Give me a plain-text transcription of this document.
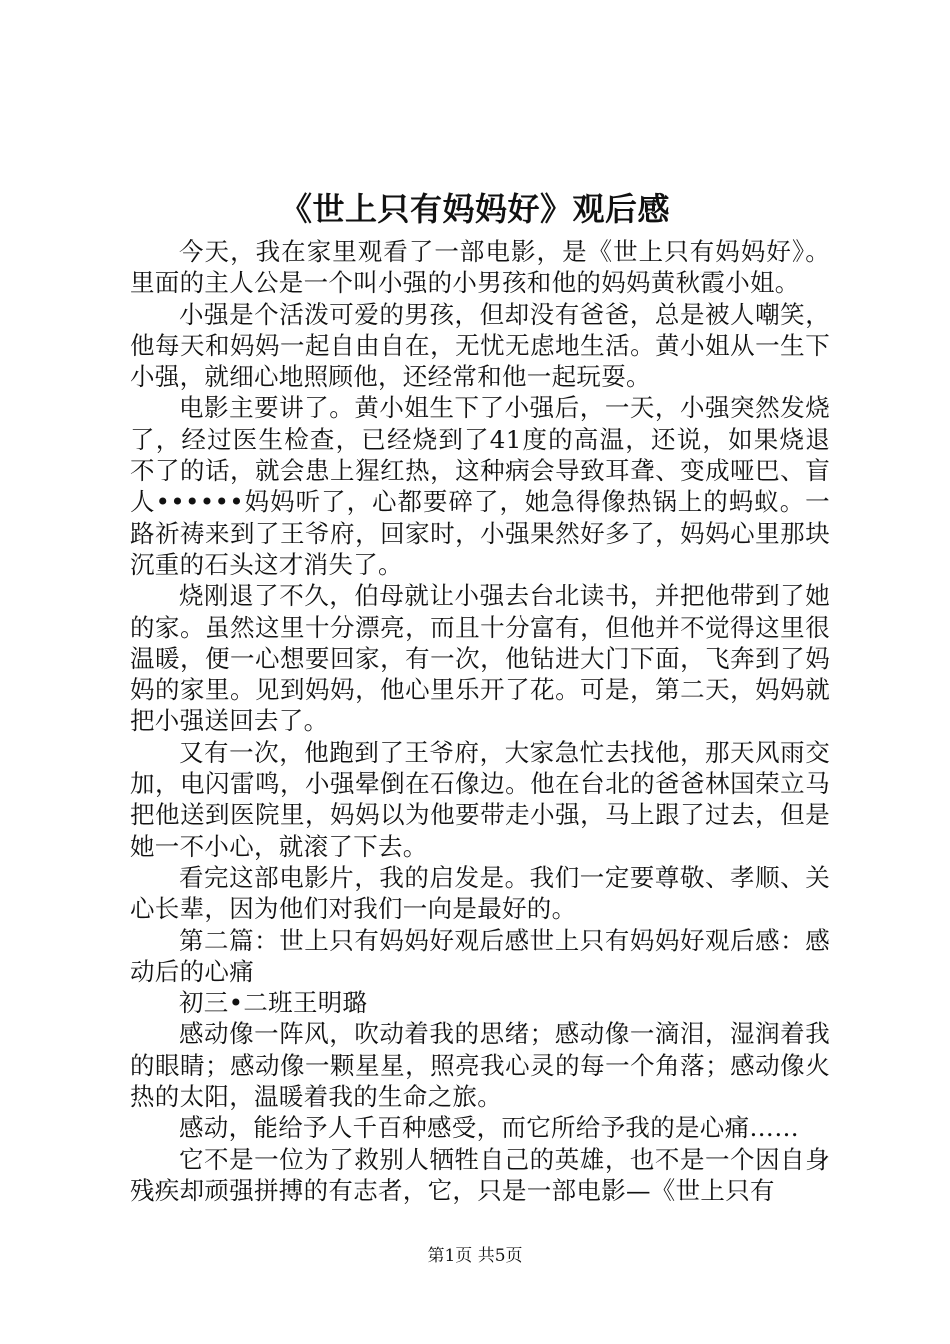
《世上只有妈妈好》观后感

今天，我在家里观看了一部电影，是《世上只有妈妈好》。里面的主人公是一个叫小强的小男孩和他的妈妈黄秋霞小姐。

小强是个活泼可爱的男孩，但却没有爸爸，总是被人嘲笑，他每天和妈妈一起自由自在，无忧无虑地生活。黄小姐从一生下小强，就细心地照顾他，还经常和他一起玩耍。

电影主要讲了。黄小姐生下了小强后，一天，小强突然发烧了，经过医生检查，已经烧到了41度的高温，还说，如果烧退不了的话，就会患上猩红热，这种病会导致耳聋、变成哑巴、盲人••••••妈妈听了，心都要碎了，她急得像热锅上的蚂蚁。一路祈祷来到了王爷府，回家时，小强果然好多了，妈妈心里那块沉重的石头这才消失了。

烧刚退了不久，伯母就让小强去台北读书，并把他带到了她的家。虽然这里十分漂亮，而且十分富有，但他并不觉得这里很温暖，便一心想要回家，有一次，他钻进大门下面，飞奔到了妈妈的家里。见到妈妈，他心里乐开了花。可是，第二天，妈妈就把小强送回去了。

又有一次，他跑到了王爷府，大家急忙去找他，那天风雨交加，电闪雷鸣，小强晕倒在石像边。他在台北的爸爸林国荣立马把他送到医院里，妈妈以为他要带走小强，马上跟了过去，但是她一不小心，就滚了下去。

看完这部电影片，我的启发是。我们一定要尊敬、孝顺、关心长辈，因为他们对我们一向是最好的。

第二篇：世上只有妈妈好观后感世上只有妈妈好观后感：感动后的心痛

初三•二班王明璐

感动像一阵风，吹动着我的思绪；感动像一滴泪，湿润着我的眼睛；感动像一颗星星，照亮我心灵的每一个角落；感动像火热的太阳，温暖着我的生命之旅。

感动，能给予人千百种感受，而它所给予我的是心痛……

它不是一位为了救别人牺牲自己的英雄，也不是一个因自身残疾却顽强拼搏的有志者，它，只是一部电影—《世上只有

第1页 共5页
